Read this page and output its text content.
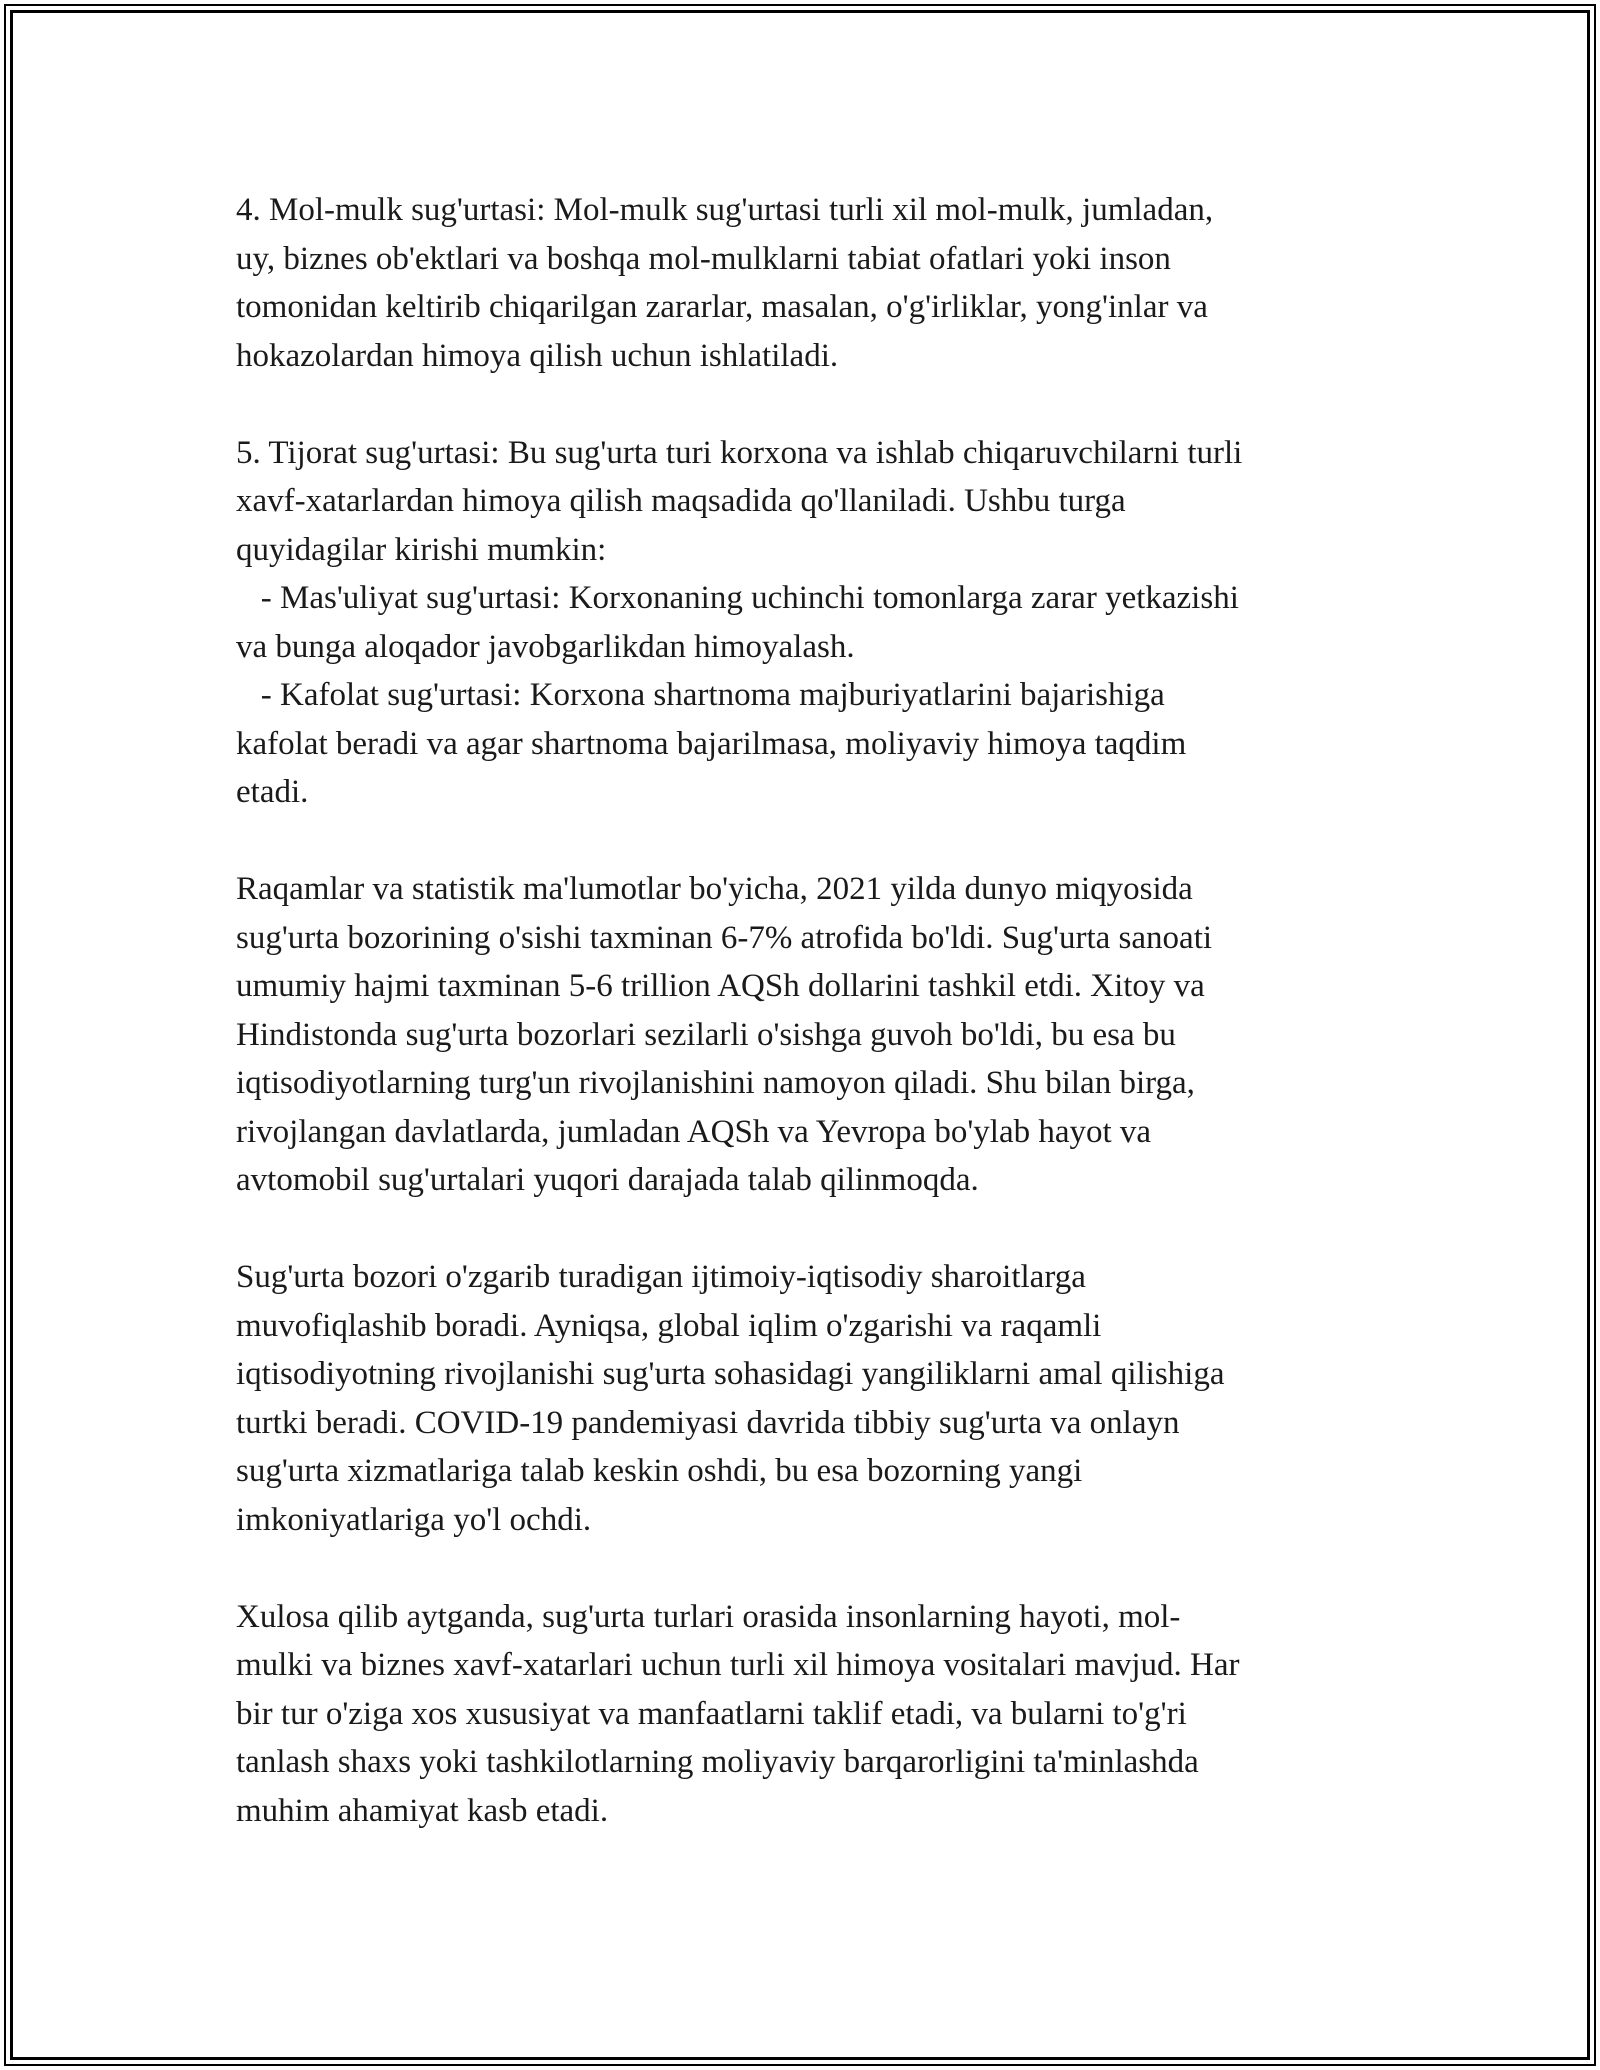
4. Mol-mulk sug'urtasi: Mol-mulk sug'urtasi turli xil mol-mulk, jumladan,
uy, biznes ob'ektlari va boshqa mol-mulklarni tabiat ofatlari yoki inson
tomonidan keltirib chiqarilgan zararlar, masalan, o'g'irliklar, yong'inlar va
hokazolardan himoya qilish uchun ishlatiladi.

5. Tijorat sug'urtasi: Bu sug'urta turi korxona va ishlab chiqaruvchilarni turli
xavf-xatarlardan himoya qilish maqsadida qo'llaniladi. Ushbu turga
quyidagilar kirishi mumkin:
- Mas'uliyat sug'urtasi: Korxonaning uchinchi tomonlarga zarar yetkazishi
va bunga aloqador javobgarlikdan himoyalash.
- Kafolat sug'urtasi: Korxona shartnoma majburiyatlarini bajarishiga
kafolat beradi va agar shartnoma bajarilmasa, moliyaviy himoya taqdim
etadi.

Raqamlar va statistik ma'lumotlar bo'yicha, 2021 yilda dunyo miqyosida
sug'urta bozorining o'sishi taxminan 6-7% atrofida bo'ldi. Sug'urta sanoati
umumiy hajmi taxminan 5-6 trillion AQSh dollarini tashkil etdi. Xitoy va
Hindistonda sug'urta bozorlari sezilarli o'sishga guvoh bo'ldi, bu esa bu
iqtisodiyotlarning turg'un rivojlanishini namoyon qiladi. Shu bilan birga,
rivojlangan davlatlarda, jumladan AQSh va Yevropa bo'ylab hayot va
avtomobil sug'urtalari yuqori darajada talab qilinmoqda.

Sug'urta bozori o'zgarib turadigan ijtimoiy-iqtisodiy sharoitlarga
muvofiqlashib boradi. Ayniqsa, global iqlim o'zgarishi va raqamli
iqtisodiyotning rivojlanishi sug'urta sohasidagi yangiliklarni amal qilishiga
turtki beradi. COVID-19 pandemiyasi davrida tibbiy sug'urta va onlayn
sug'urta xizmatlariga talab keskin oshdi, bu esa bozorning yangi
imkoniyatlariga yo'l ochdi.

Xulosa qilib aytganda, sug'urta turlari orasida insonlarning hayoti, mol-
mulki va biznes xavf-xatarlari uchun turli xil himoya vositalari mavjud. Har
bir tur o'ziga xos xususiyat va manfaatlarni taklif etadi, va bularni to'g'ri
tanlash shaxs yoki tashkilotlarning moliyaviy barqarorligini ta'minlashda
muhim ahamiyat kasb etadi.
